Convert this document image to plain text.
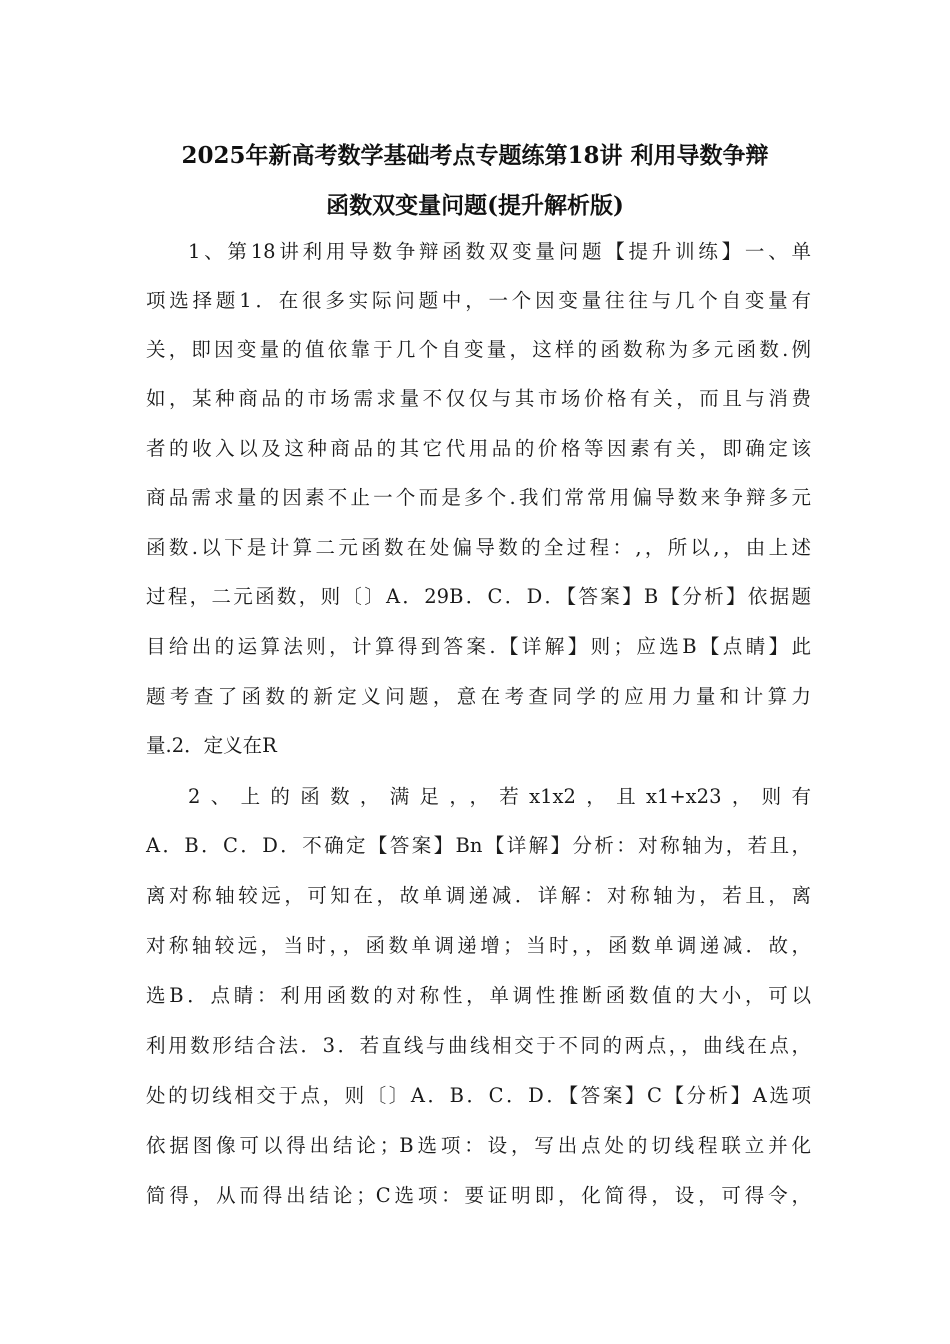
2025年新高考数学基础考点专题练第18讲 利用导数争辩
函数双变量问题(提升解析版)
1、第18讲利用导数争辩函数双变量问题【提升训练】一、单
项选择题1．在很多实际问题中，一个因变量往往与几个自变量有
关，即因变量的值依靠于几个自变量，这样的函数称为多元函数.例
如，某种商品的市场需求量不仅仅与其市场价格有关，而且与消费
者的收入以及这种商品的其它代用品的价格等因素有关，即确定该
商品需求量的因素不止一个而是多个.我们常常用偏导数来争辩多元
函数.以下是计算二元函数在处偏导数的全过程：,，所以,，由上述
过程，二元函数，则〔〕A．29B．C．D．【答案】B【分析】依据题
目给出的运算法则，计算得到答案.【详解】则；应选B【点睛】此
题考查了函数的新定义问题，意在考查同学的应用力量和计算力
量.2．定义在R
2、上的函数，满足，，若x1x2，且x1+x23，则有
A．B．C．D．不确定【答案】Bn【详解】分析：对称轴为，若且，
离对称轴较远，可知在，故单调递减．详解：对称轴为，若且，离
对称轴较远，当时，，函数单调递增；当时，，函数单调递减．故，
选B．点睛：利用函数的对称性，单调性推断函数值的大小，可以
利用数形结合法．3．若直线与曲线相交于不同的两点，，曲线在点，
处的切线相交于点，则〔〕A．B．C．D．【答案】C【分析】A选项
依据图像可以得出结论；B选项：设，写出点处的切线程联立并化
简得，从而得出结论；C选项：要证明即，化简得，设，可得令，
